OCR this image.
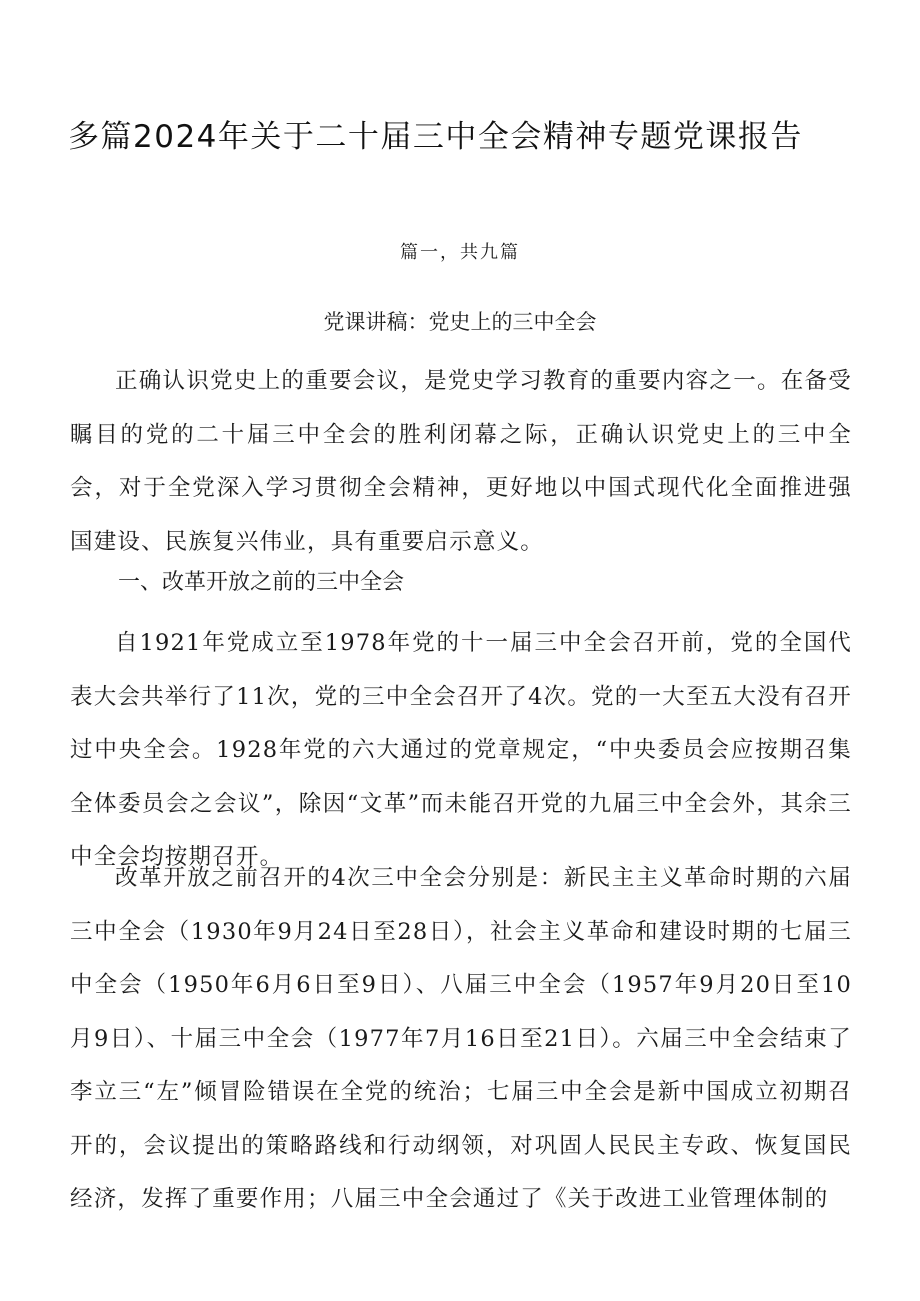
多篇2024年关于二十届三中全会精神专题党课报告
篇一，共九篇
党课讲稿：党史上的三中全会
正确认识党史上的重要会议，是党史学习教育的重要内容之一。在备受瞩目的党的二十届三中全会的胜利闭幕之际，正确认识党史上的三中全会，对于全党深入学习贯彻全会精神，更好地以中国式现代化全面推进强国建设、民族复兴伟业，具有重要启示意义。
一、改革开放之前的三中全会
自1921年党成立至1978年党的十一届三中全会召开前，党的全国代表大会共举行了11次，党的三中全会召开了4次。党的一大至五大没有召开过中央全会。1928年党的六大通过的党章规定，“中央委员会应按期召集全体委员会之会议”，除因“文革”而未能召开党的九届三中全会外，其余三中全会均按期召开。
改革开放之前召开的4次三中全会分别是：新民主主义革命时期的六届三中全会（1930年9月24日至28日），社会主义革命和建设时期的七届三中全会（1950年6月6日至9日）、八届三中全会（1957年9月20日至10月9日）、十届三中全会（1977年7月16日至21日）。六届三中全会结束了李立三“左”倾冒险错误在全党的统治；七届三中全会是新中国成立初期召开的，会议提出的策略路线和行动纲领，对巩固人民民主专政、恢复国民经济，发挥了重要作用；八届三中全会通过了《关于改进工业管理体制的
